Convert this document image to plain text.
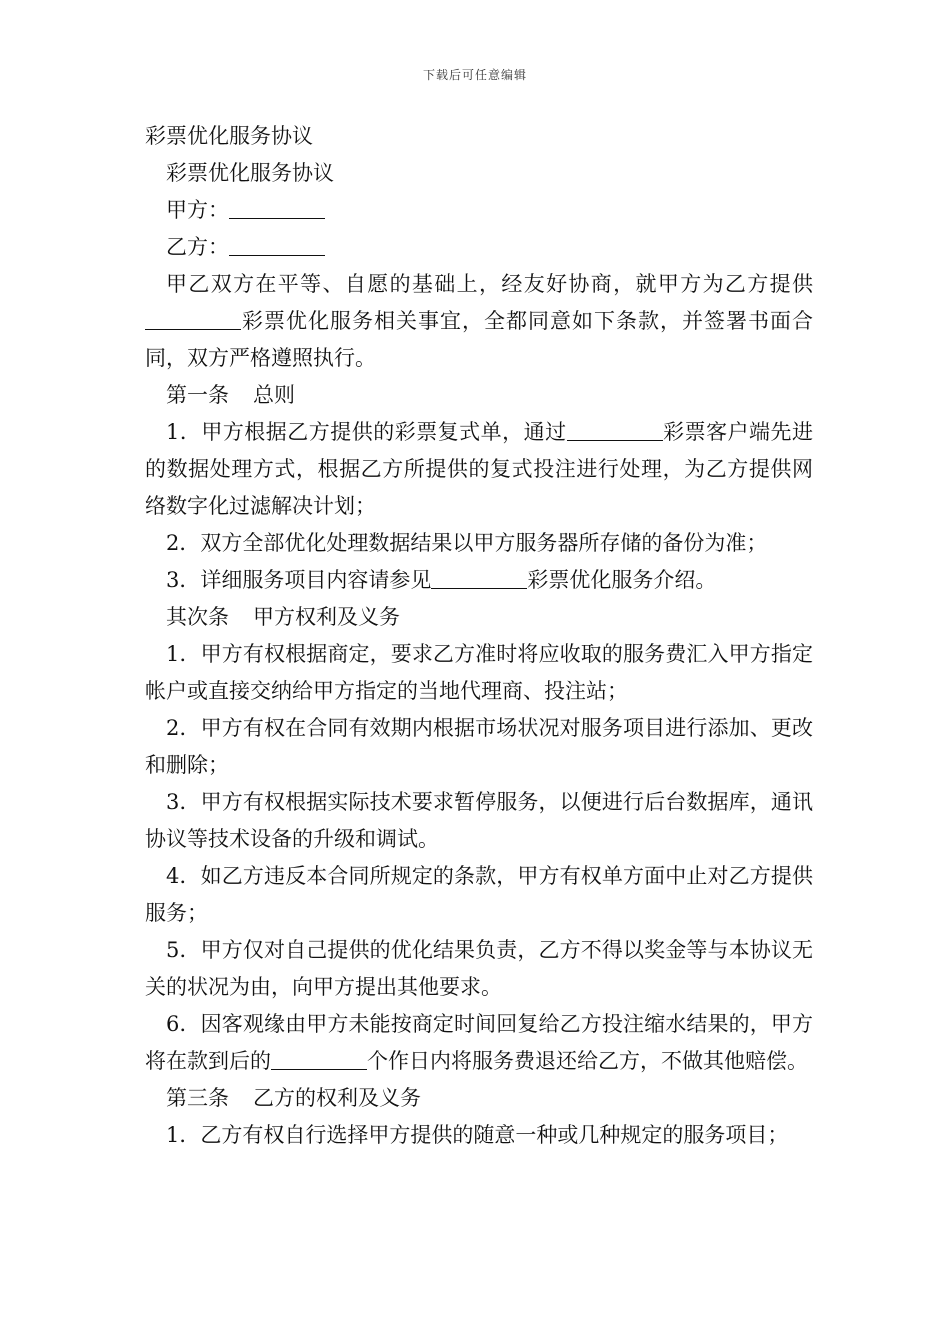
下载后可任意编辑

彩票优化服务协议

彩票优化服务协议

甲方：

乙方：

甲乙双方在平等、自愿的基础上，经友好协商，就甲方为乙方提供彩票优化服务相关事宜，全都同意如下条款，并签署书面合同，双方严格遵照执行。

第一条 总则

1．甲方根据乙方提供的彩票复式单，通过	彩票客户端先进的数据处理方式，根据乙方所提供的复式投注进行处理，为乙方提供网络数字化过滤解决计划；

2．双方全部优化处理数据结果以甲方服务器所存储的备份为准；

3．详细服务项目内容请参见	彩票优化服务介绍。

其次条 甲方权利及义务

1．甲方有权根据商定，要求乙方准时将应收取的服务费汇入甲方指定帐户或直接交纳给甲方指定的当地代理商、投注站；

2．甲方有权在合同有效期内根据市场状况对服务项目进行添加、更改和删除；

3．甲方有权根据实际技术要求暂停服务，以便进行后台数据库，通讯协议等技术设备的升级和调试。

4．如乙方违反本合同所规定的条款，甲方有权单方面中止对乙方提供服务；

5．甲方仅对自己提供的优化结果负责，乙方不得以奖金等与本协议无关的状况为由，向甲方提出其他要求。

6．因客观缘由甲方未能按商定时间回复给乙方投注缩水结果的，甲方将在款到后的	个作日内将服务费退还给乙方，不做其他赔偿。

第三条 乙方的权利及义务

1．乙方有权自行选择甲方提供的随意一种或几种规定的服务项目；
